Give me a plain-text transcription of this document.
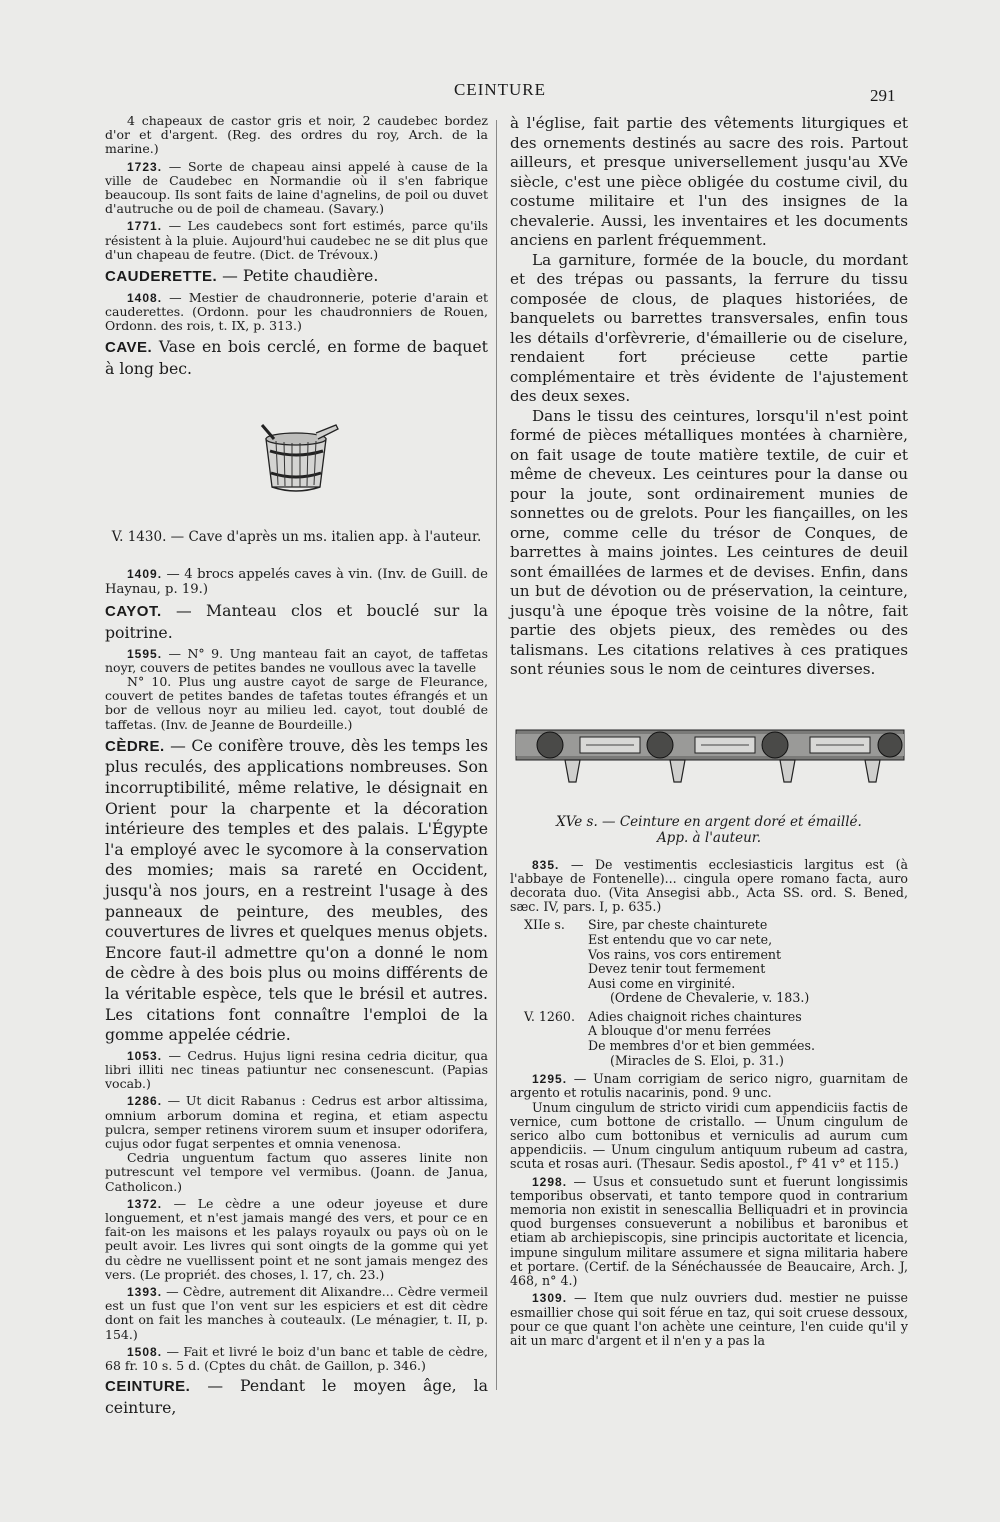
CEINTURE	291

4 chapeaux de castor gris et noir, 2 caudebec bordez d'or et d'argent. (Reg. des ordres du roy, Arch. de la marine.)

1723. — Sorte de chapeau ainsi appelé à cause de la ville de Caudebec en Normandie où il s'en fabrique beaucoup. Ils sont faits de laine d'agnelins, de poil ou duvet d'autruche ou de poil de chameau. (Savary.)

1771. — Les caudebecs sont fort estimés, parce qu'ils résistent à la pluie. Aujourd'hui caudebec ne se dit plus que d'un chapeau de feutre. (Dict. de Trévoux.)

CAUDERETTE. — Petite chaudière.

1408. — Mestier de chaudronnerie, poterie d'arain et cauderettes. (Ordonn. pour les chaudronniers de Rouen, Ordonn. des rois, t. IX, p. 313.)

CAVE. Vase en bois cerclé, en forme de baquet à long bec.

V. 1430. — Cave d'après un ms. italien app. à l'auteur.

1409. — 4 brocs appelés caves à vin. (Inv. de Guill. de Haynau, p. 19.)

CAYOT. — Manteau clos et bouclé sur la poitrine.

1595. — N° 9. Ung manteau fait an cayot, de taffetas noyr, couvers de petites bandes ne voullous avec la tavelle

N° 10. Plus ung austre cayot de sarge de Fleurance, couvert de petites bandes de tafetas toutes éfrangés et un bor de vellous noyr au milieu led. cayot, tout doublé de taffetas. (Inv. de Jeanne de Bourdeille.)

CÈDRE. — Ce conifère trouve, dès les temps les plus reculés, des applications nombreuses. Son incorruptibilité, même relative, le désignait en Orient pour la charpente et la décoration intérieure des temples et des palais. L'Égypte l'a employé avec le sycomore à la conservation des momies; mais sa rareté en Occident, jusqu'à nos jours, en a restreint l'usage à des panneaux de peinture, des meubles, des couvertures de livres et quelques menus objets. Encore faut-il admettre qu'on a donné le nom de cèdre à des bois plus ou moins différents de la véritable espèce, tels que le brésil et autres. Les citations font connaître l'emploi de la gomme appelée cédrie.

1053. — Cedrus. Hujus ligni resina cedria dicitur, qua libri illiti nec tineas patiuntur nec consenescunt. (Papias vocab.)

1286. — Ut dicit Rabanus : Cedrus est arbor altissima, omnium arborum domina et regina, et etiam aspectu pulcra, semper retinens virorem suum et insuper odorifera, cujus odor fugat serpentes et omnia venenosa.

Cedria unguentum factum quo asseres linite non putrescunt vel tempore vel vermibus. (Joann. de Janua, Catholicon.)

1372. — Le cèdre a une odeur joyeuse et dure longuement, et n'est jamais mangé des vers, et pour ce en fait-on les maisons et les palays royaulx ou pays où on le peult avoir. Les livres qui sont oingts de la gomme qui yet du cèdre ne vuellissent point et ne sont jamais mengez des vers. (Le propriét. des choses, l. 17, ch. 23.)

1393. — Cèdre, autrement dit Alixandre... Cèdre vermeil est un fust que l'on vent sur les espiciers et est dit cèdre dont on fait les manches à couteaulx. (Le ménagier, t. II, p. 154.)

1508. — Fait et livré le boiz d'un banc et table de cèdre, 68 fr. 10 s. 5 d. (Cptes du chât. de Gaillon, p. 346.)

CEINTURE. — Pendant le moyen âge, la ceinture,

à l'église, fait partie des vêtements liturgiques et des ornements destinés au sacre des rois. Partout ailleurs, et presque universellement jusqu'au XVe siècle, c'est une pièce obligée du costume civil, du costume militaire et l'un des insignes de la chevalerie. Aussi, les inventaires et les documents anciens en parlent fréquemment.

La garniture, formée de la boucle, du mordant et des trépas ou passants, la ferrure du tissu composée de clous, de plaques historiées, de banquelets ou barrettes transversales, enfin tous les détails d'orfèvrerie, d'émaillerie ou de ciselure, rendaient fort précieuse cette partie complémentaire et très évidente de l'ajustement des deux sexes.

Dans le tissu des ceintures, lorsqu'il n'est point formé de pièces métalliques montées à charnière, on fait usage de toute matière textile, de cuir et même de cheveux. Les ceintures pour la danse ou pour la joute, sont ordinairement munies de sonnettes ou de grelots. Pour les fiançailles, on les orne, comme celle du trésor de Conques, de barrettes à mains jointes. Les ceintures de deuil sont émaillées de larmes et de devises. Enfin, dans un but de dévotion ou de préservation, la ceinture, jusqu'à une époque très voisine de la nôtre, fait partie des objets pieux, des remèdes ou des talismans. Les citations relatives à ces pratiques sont réunies sous le nom de ceintures diverses.

XVe s. — Ceinture en argent doré et émaillé.

App. à l'auteur.

835. — De vestimentis ecclesiasticis largitus est (à l'abbaye de Fontenelle)... cingula opere romano facta, auro decorata duo. (Vita Ansegisi abb., Acta SS. ord. S. Bened, sæc. IV, pars. I, p. 635.)

XIIe s.	Sire, par cheste chainturete
Est entendu que vo car nete,
Vos rains, vos cors entirement
Devez tenir tout fermement
Ausi come en virginité.
(Ordene de Chevalerie, v. 183.)
V. 1260.	Adies chaignoit riches chaintures
A blouque d'or menu ferrées
De membres d'or et bien gemmées.
(Miracles de S. Eloi, p. 31.)

1295. — Unam corrigiam de serico nigro, guarnitam de argento et rotulis nacarinis, pond. 9 unc.

Unum cingulum de stricto viridi cum appendiciis factis de vernice, cum bottone de cristallo. — Unum cingulum de serico albo cum bottonibus et verniculis ad aurum cum appendiciis. — Unum cingulum antiquum rubeum ad castra, scuta et rosas auri. (Thesaur. Sedis apostol., f° 41 v° et 115.)

1298. — Usus et consuetudo sunt et fuerunt longissimis temporibus observati, et tanto tempore quod in contrarium memoria non existit in senescallia Belliquadri et in provincia quod burgenses consueverunt a nobilibus et baronibus et etiam ab archiepiscopis, sine principis auctoritate et licencia, impune singulum militare assumere et signa militaria habere et portare. (Certif. de la Sénéchaussée de Beaucaire, Arch. J, 468, n° 4.)

1309. — Item que nulz ouvriers dud. mestier ne puisse esmaillier chose qui soit férue en taz, qui soit cruese dessoux, pour ce que quant l'on achète une ceinture, l'en cuide qu'il y ait un marc d'argent et il n'en y a pas la
